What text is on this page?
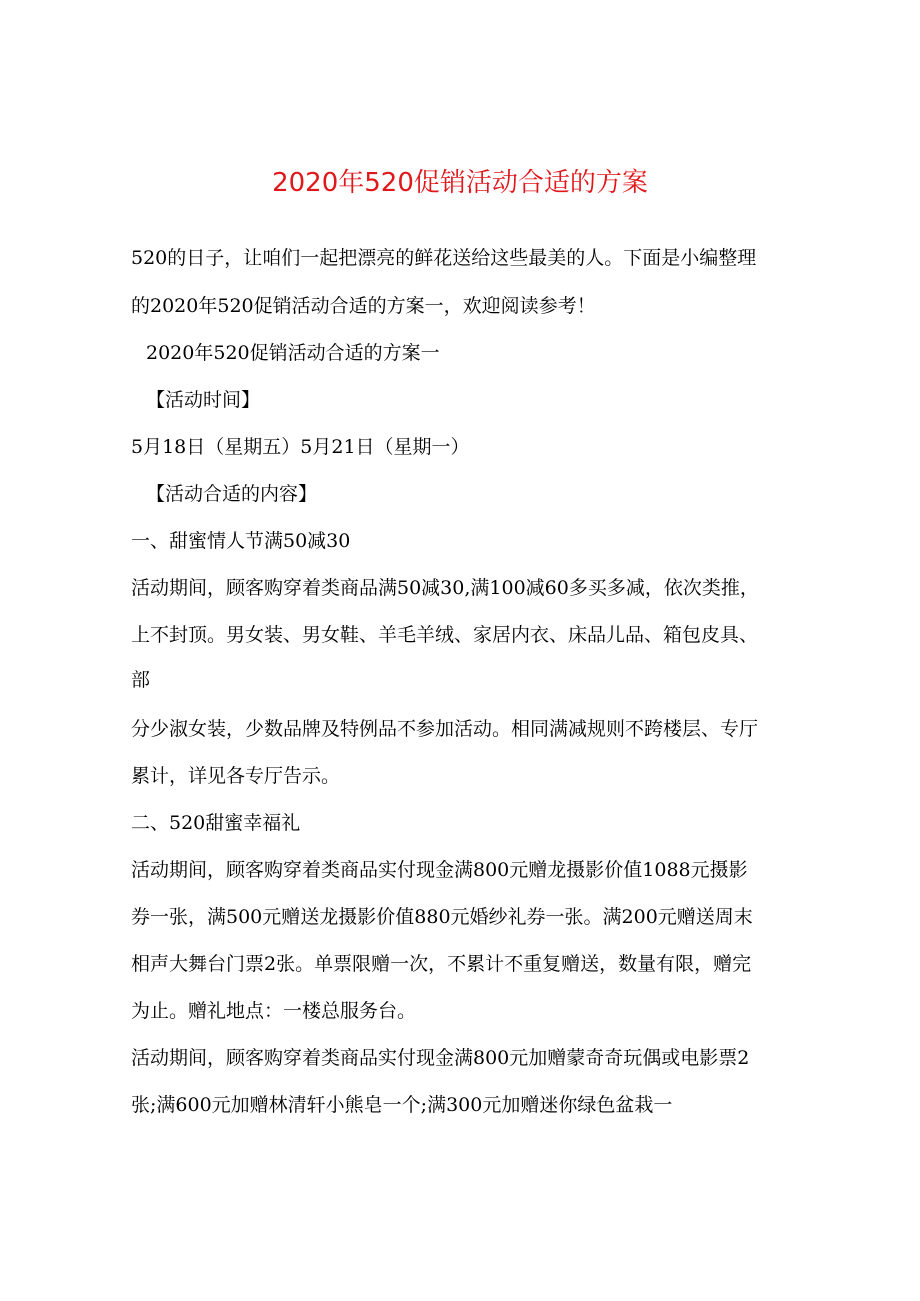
2020年520促销活动合适的方案

520的日子，让咱们一起把漂亮的鲜花送给这些最美的人。下面是小编整理

的2020年520促销活动合适的方案一，欢迎阅读参考！

2020年520促销活动合适的方案一

【活动时间】

5月18日（星期五）5月21日（星期一）

【活动合适的内容】

一、甜蜜情人节满50减30

活动期间，顾客购穿着类商品满50减30,满100减60多买多减，依次类推，

上不封顶。男女装、男女鞋、羊毛羊绒、家居内衣、床品儿品、箱包皮具、

部

分少淑女装，少数品牌及特例品不参加活动。相同满减规则不跨楼层、专厅

累计，详见各专厅告示。

二、520甜蜜幸福礼

活动期间，顾客购穿着类商品实付现金满800元赠龙摄影价值1088元摄影

券一张，满500元赠送龙摄影价值880元婚纱礼券一张。满200元赠送周末

相声大舞台门票2张。单票限赠一次，不累计不重复赠送，数量有限，赠完

为止。赠礼地点：一楼总服务台。

活动期间，顾客购穿着类商品实付现金满800元加赠蒙奇奇玩偶或电影票2

张;满600元加赠林清轩小熊皂一个;满300元加赠迷你绿色盆栽一
